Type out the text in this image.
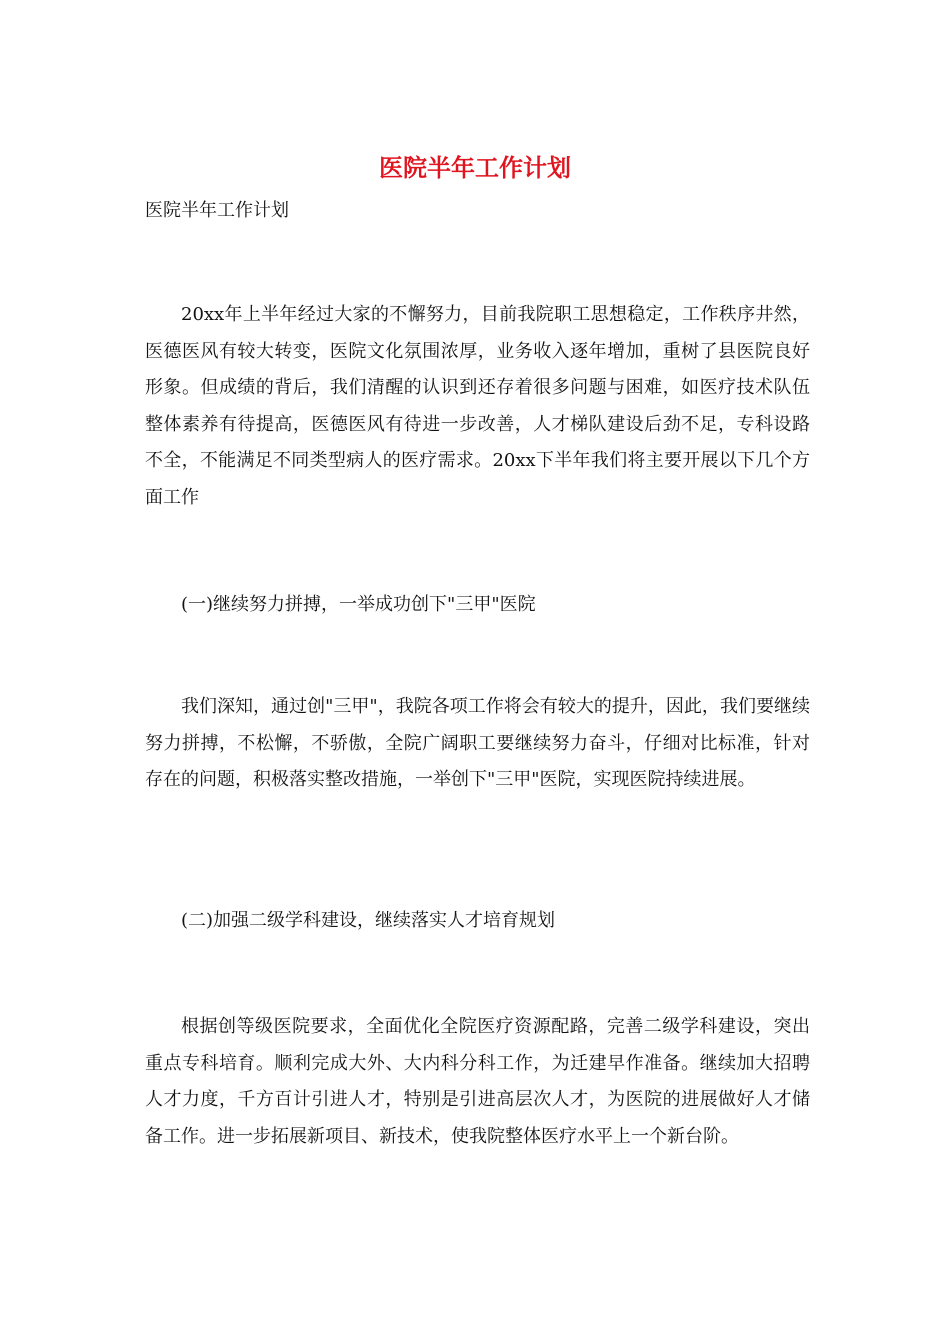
医院半年工作计划

医院半年工作计划

20xx年上半年经过大家的不懈努力，目前我院职工思想稳定，工作秩序井然，医德医风有较大转变，医院文化氛围浓厚，业务收入逐年增加，重树了县医院良好形象。但成绩的背后，我们清醒的认识到还存着很多问题与困难，如医疗技术队伍整体素养有待提高，医德医风有待进一步改善，人才梯队建设后劲不足，专科设路不全，不能满足不同类型病人的医疗需求。20xx下半年我们将主要开展以下几个方面工作

(一)继续努力拼搏，一举成功创下"三甲"医院

我们深知，通过创"三甲"，我院各项工作将会有较大的提升，因此，我们要继续努力拼搏，不松懈，不骄傲，全院广阔职工要继续努力奋斗，仔细对比标准，针对存在的问题，积极落实整改措施，一举创下"三甲"医院，实现医院持续进展。

(二)加强二级学科建设，继续落实人才培育规划

根据创等级医院要求，全面优化全院医疗资源配路，完善二级学科建设，突出重点专科培育。顺利完成大外、大内科分科工作，为迁建早作准备。继续加大招聘人才力度，千方百计引进人才，特别是引进高层次人才，为医院的进展做好人才储备工作。进一步拓展新项目、新技术，使我院整体医疗水平上一个新台阶。
